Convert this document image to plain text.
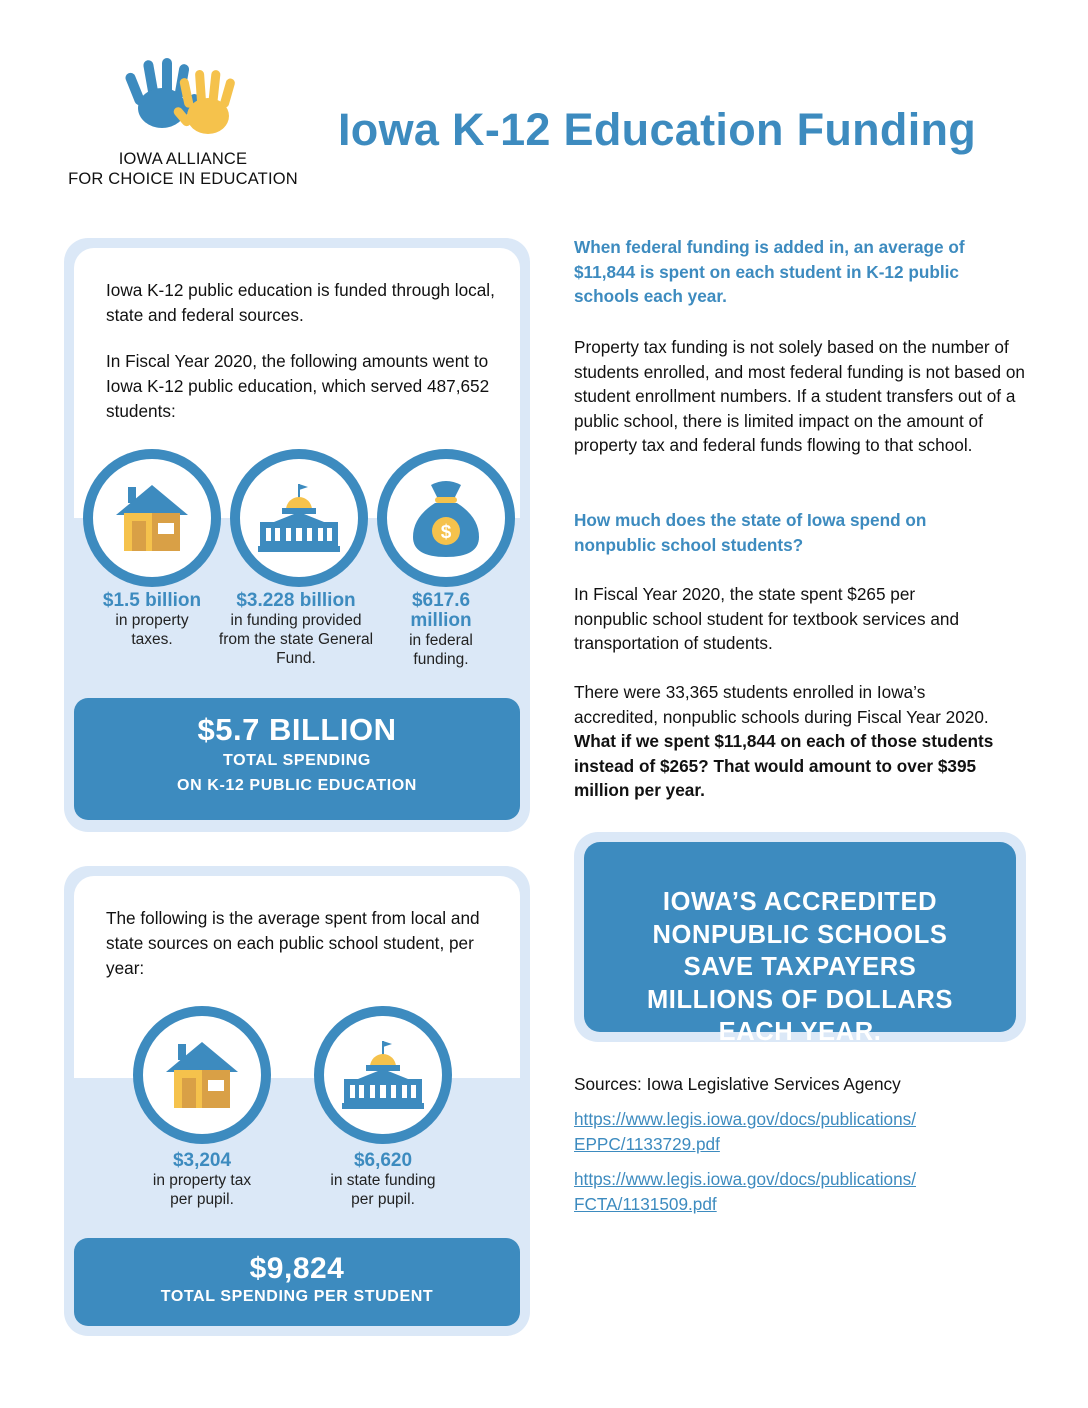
IOWA ALLIANCE
FOR CHOICE IN EDUCATION
Iowa K-12 Education Funding
Iowa K-12 public education is funded through local, state and federal sources.
In Fiscal Year 2020, the following amounts went to Iowa K-12 public education, which served 487,652 students:
$
$1.5 billion
in property taxes.
$3.228 billion
in funding provided from the state General Fund.
$617.6 million
in federal funding.
$5.7 BILLION
TOTAL SPENDING
ON K-12 PUBLIC EDUCATION
The following is the average spent from local and state sources on each public school student, per year:
$3,204
in property tax per pupil.
$6,620
in state funding per pupil.
$9,824
TOTAL SPENDING PER STUDENT
When federal funding is added in, an average of $11,844 is spent on each student in K-12 public schools each year.
Property tax funding is not solely based on the number of students enrolled, and most federal funding is not based on student enrollment numbers. If a student transfers out of a public school, there is limited impact on the amount of property tax and federal funds flowing to that school.
How much does the state of Iowa spend on nonpublic school students?
In Fiscal Year 2020, the state spent $265 per nonpublic school student for textbook services and transportation of students.
There were 33,365 students enrolled in Iowa’s accredited, nonpublic schools during Fiscal Year 2020. What if we spent $11,844 on each of those students instead of $265? That would amount to over $395 million per year.
IOWA’S ACCREDITED NONPUBLIC SCHOOLS SAVE TAXPAYERS MILLIONS OF DOLLARS EACH YEAR.
Sources: Iowa Legislative Services Agency
https://www.legis.iowa.gov/docs/publications/
EPPC/1133729.pdf
https://www.legis.iowa.gov/docs/publications/
FCTA/1131509.pdf
